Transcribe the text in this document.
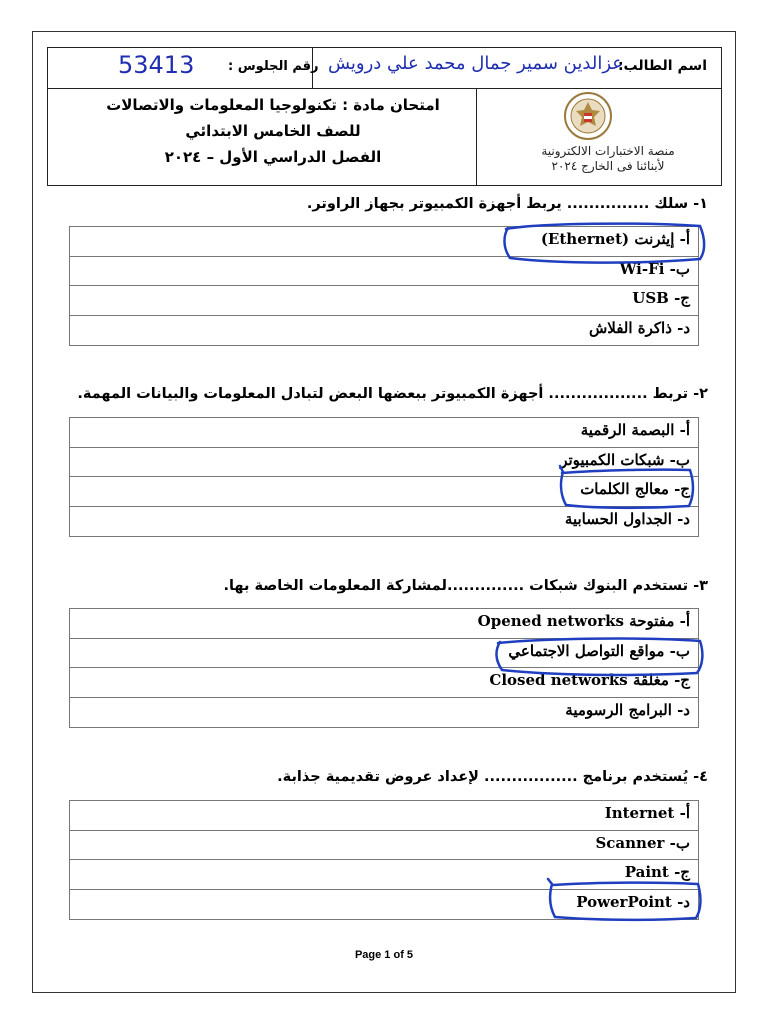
اسم الطالب:
عزالدين سمير جمال محمد علي درويش
رقم الجلوس :
53413
امتحان مادة : تكنولوجيا المعلومات والاتصالات
للصف الخامس الابتدائي
الفصل الدراسي الأول – ٢٠٢٤	منصة الاختبارات الالكترونية
لأبنائنا فى الخارج ٢٠٢٤
١- سلك ............... يربط أجهزة الكمبيوتر بجهاز الراوتر.
أ- إيثرنت (Ethernet)
ب- Wi-Fi
ج- USB
د- ذاكرة الفلاش
٢- تربط .................. أجهزة الكمبيوتر ببعضها البعض لتبادل المعلومات والبيانات المهمة.
أ- البصمة الرقمية
ب- شبكات الكمبيوتر
ج- معالج الكلمات
د- الجداول الحسابية
٣- تستخدم البنوك شبكات ..............لمشاركة المعلومات الخاصة بها.
أ- مفتوحة Opened networks
ب- مواقع التواصل الاجتماعي
ج- مغلقة Closed networks
د- البرامج الرسومية
٤- يُستخدم برنامج ................. لإعداد عروض تقديمية جذابة.
أ- Internet
ب- Scanner
ج- Paint
د- PowerPoint
Page 1 of 5
